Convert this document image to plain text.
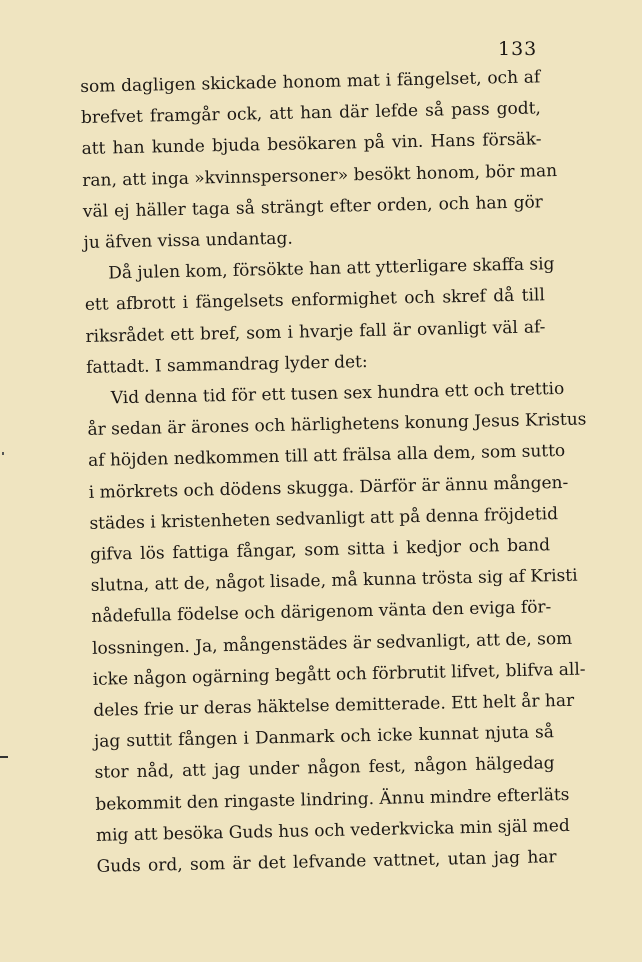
133

som dagligen skickade honom mat i fängelset, och af
brefvet framgår ock, att han där lefde så pass godt,
att han kunde bjuda besökaren på vin. Hans försäk-
ran, att inga »kvinnspersoner» besökt honom, bör man
väl ej häller taga så strängt efter orden, och han gör
ju äfven vissa undantag.

Då julen kom, försökte han att ytterligare skaffa sig
ett afbrott i fängelsets enformighet och skref då till
riksrådet ett bref, som i hvarje fall är ovanligt väl af-
fattadt. I sammandrag lyder det:

Vid denna tid för ett tusen sex hundra ett och trettio
år sedan är ärones och härlighetens konung Jesus Kristus
af höjden nedkommen till att frälsa alla dem, som sutto
i mörkrets och dödens skugga. Därför är ännu mången-
städes i kristenheten sedvanligt att på denna fröjdetid
gifva lös fattiga fångar, som sitta i kedjor och band
slutna, att de, något lisade, må kunna trösta sig af Kristi
nådefulla födelse och därigenom vänta den eviga för-
lossningen. Ja, mångenstädes är sedvanligt, att de, som
icke någon ogärning begått och förbrutit lifvet, blifva all-
deles frie ur deras häktelse demitterade. Ett helt år har
jag suttit fången i Danmark och icke kunnat njuta så
stor nåd, att jag under någon fest, någon hälgedag
bekommit den ringaste lindring. Ännu mindre efterläts
mig att besöka Guds hus och vederkvicka min själ med
Guds ord, som är det lefvande vattnet, utan jag har
